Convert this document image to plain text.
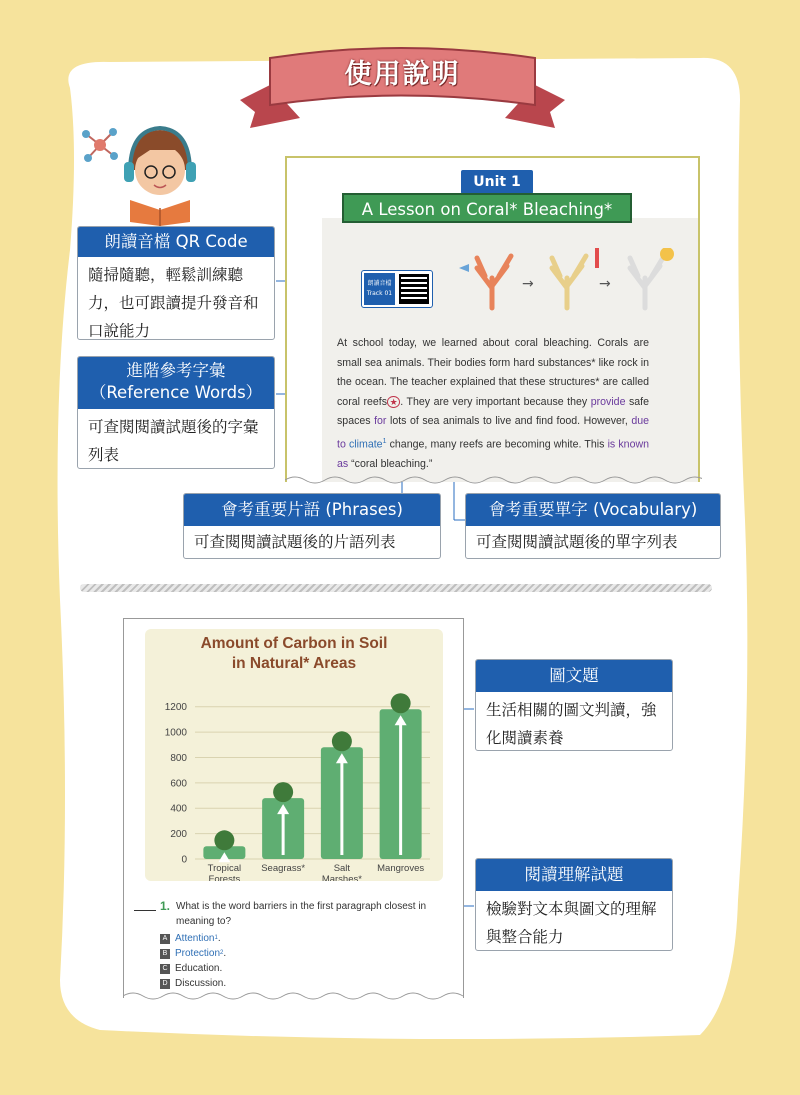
使用說明
Unit 1
A Lesson on Coral* Bleaching*
朗讀音檔
Track 01
→	→
At school today, we learned about coral bleaching. Corals are small sea animals. Their bodies form hard substances* like rock in the ocean. The teacher explained that these structures* are called coral reefs ★ . They are very important because they provide safe spaces for lots of sea animals to live and find food. However, due to climate$^1$ change, many reefs are becoming white. This is known as “coral bleaching.”
朗讀音檔 QR Code
隨掃隨聽，輕鬆訓練聽力，也可跟讀提升發音和口說能力
進階參考字彙
（Reference Words）
可查閱閱讀試題後的字彙列表
會考重要片語 (Phrases)
可查閱閱讀試題後的片語列表
會考重要單字 (Vocabulary)
可查閱閱讀試題後的單字列表
Amount of Carbon in Soil
in Natural* Areas
0
200
400
600
800
1000
1200
Tropical
Forests
Seagrass*	Salt
Marshes*
Mangroves
1. What is the word barriers in the first paragraph closest in meaning to?
A Attention 1 .
B Protection 2 .
C Education.
D Discussion.
圖文題
生活相關的圖文判讀，強化閱讀素養
閱讀理解試題
檢驗對文本與圖文的理解與整合能力
